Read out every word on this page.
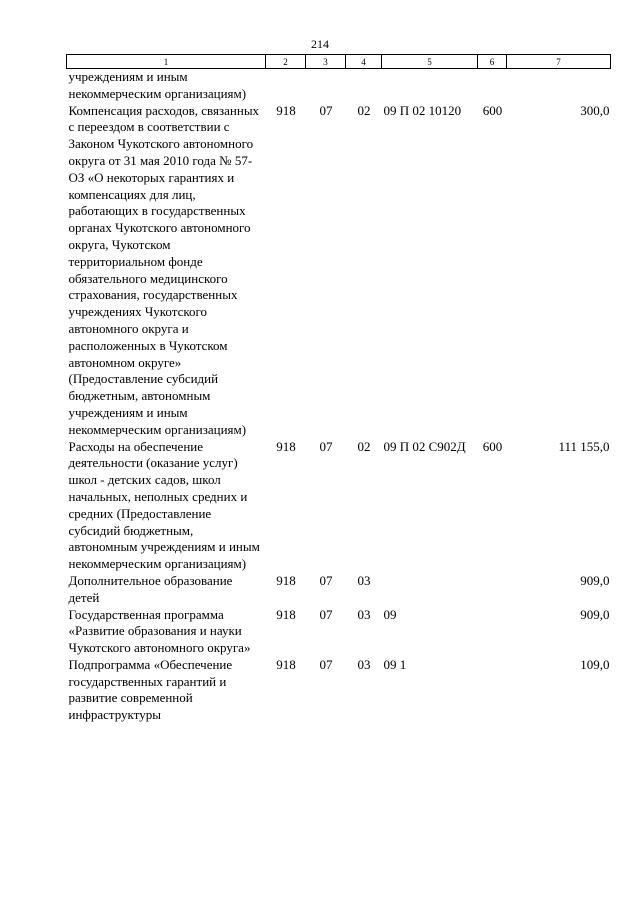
214
1	2	3	4	5	6	7
учреждениям и иным некоммерческим организациям)						
Компенсация расходов, связанных с переездом в соответствии с Законом Чукотского автономного округа от 31 мая 2010 года № 57-ОЗ «О некоторых гарантиях и компенсациях для лиц, работающих в государственных органах Чукотского автономного округа, Чукотском территориальном фонде обязательного медицинского страхования, государственных учреждениях Чукотского автономного округа и расположенных в Чукотском автономном округе» (Предоставление субсидий бюджетным, автономным учреждениям и иным некоммерческим организациям)	918	07	02	09 П 02 10120	600	300,0
Расходы на обеспечение деятельности (оказание услуг) школ - детских садов, школ начальных, неполных средних и средних (Предоставление субсидий бюджетным, автономным учреждениям и иным некоммерческим организациям)	918	07	02	09 П 02 С902Д	600	111 155,0
Дополнительное образование детей	918	07	03			909,0
Государственная программа «Развитие образования и науки Чукотского автономного округа»	918	07	03	09		909,0
Подпрограмма «Обеспечение государственных гарантий и развитие современной инфраструктуры	918	07	03	09 1		109,0
